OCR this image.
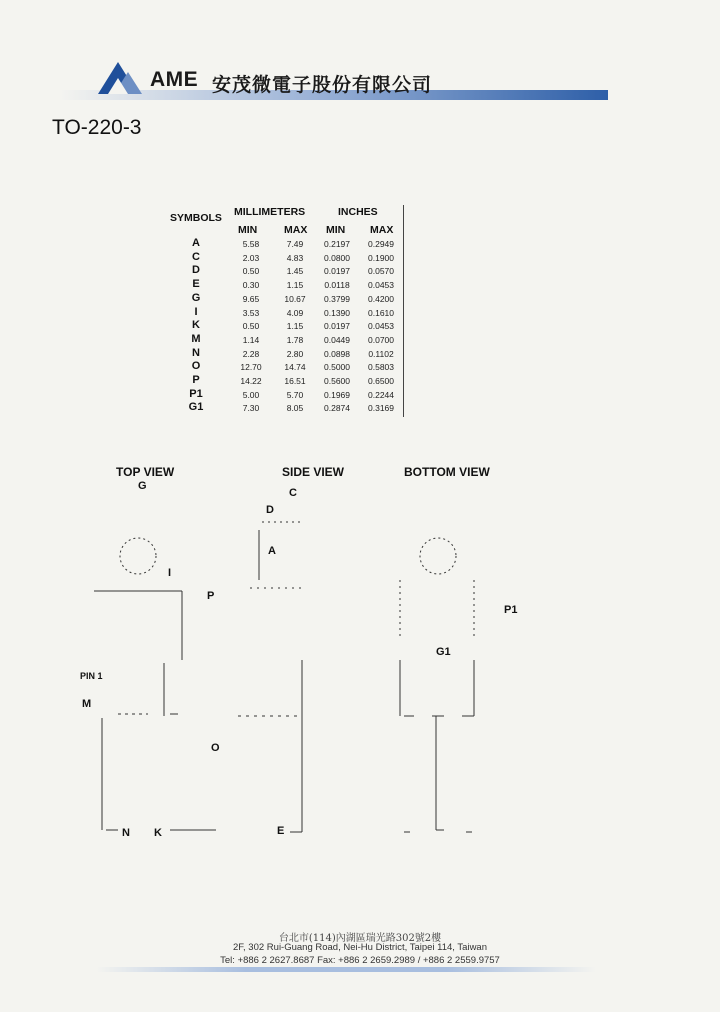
AME 安茂微電子股份有限公司
TO-220-3
SYMBOLS MILLIMETERS	INCHES
MIN	MAX MIN MAX
A	5.58	7.49	0.2197	0.2949
C	2.03	4.83	0.0800	0.1900
D	0.50	1.45	0.0197	0.0570
E	0.30	1.15	0.0118	0.0453
G	9.65	10.67	0.3799	0.4200
I	3.53	4.09	0.1390	0.1610
K	0.50	1.15	0.0197	0.0453
M	1.14	1.78	0.0449	0.0700
N	2.28	2.80	0.0898	0.1102
O	12.70	14.74	0.5000	0.5803
P	14.22	16.51	0.5600	0.6500
P1	5.00	5.70	0.1969	0.2244
G1	7.30	8.05	0.2874	0.3169
TOP VIEW	SIDE VIEW	BOTTOM VIEW
G
I
P
PIN 1
M
O
N K
C
D
A
E
P1
G1
台北市(114)內湖區瑞光路302號2樓
2F, 302 Rui-Guang Road, Nei-Hu District, Taipei 114, Taiwan
Tel: +886 2 2627.8687 Fax: +886 2 2659.2989 / +886 2 2559.9757
